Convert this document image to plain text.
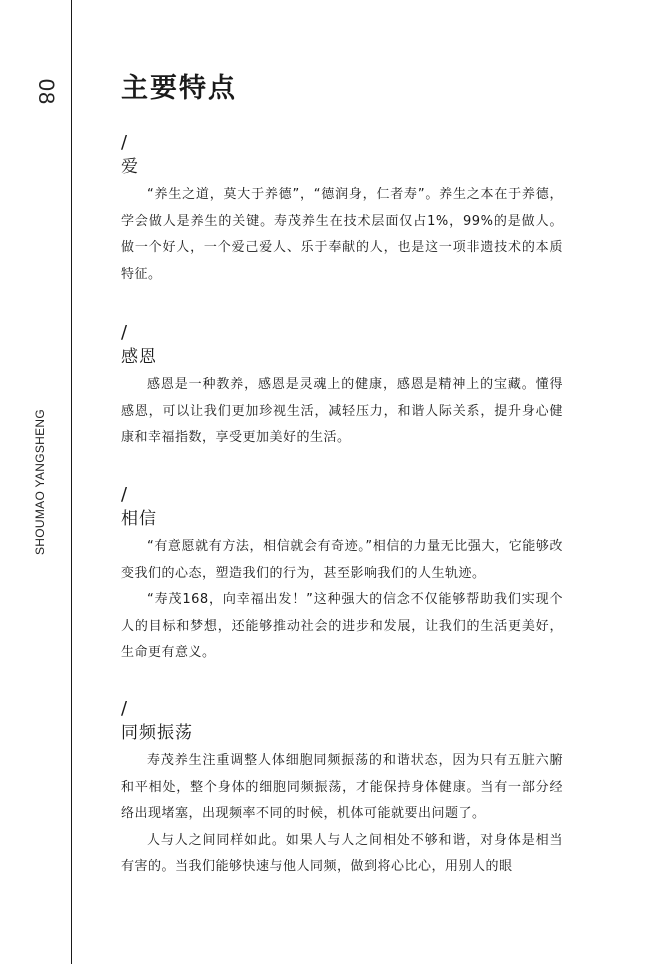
08
SHOUMAO YANGSHENG
主要特点
/
爱

“养生之道，莫大于养德”，“德润身，仁者寿”。养生之本在于养德，学会做人是养生的关键。寿茂养生在技术层面仅占1%，99%的是做人。做一个好人，一个爱己爱人、乐于奉献的人，也是这一项非遗技术的本质特征。

/
感恩

感恩是一种教养，感恩是灵魂上的健康，感恩是精神上的宝藏。懂得感恩，可以让我们更加珍视生活，减轻压力，和谐人际关系，提升身心健康和幸福指数，享受更加美好的生活。

/
相信

“有意愿就有方法，相信就会有奇迹。”相信的力量无比强大，它能够改变我们的心态，塑造我们的行为，甚至影响我们的人生轨迹。

“寿茂168，向幸福出发！”这种强大的信念不仅能够帮助我们实现个人的目标和梦想，还能够推动社会的进步和发展，让我们的生活更美好，生命更有意义。

/
同频振荡

寿茂养生注重调整人体细胞同频振荡的和谐状态，因为只有五脏六腑和平相处，整个身体的细胞同频振荡，才能保持身体健康。当有一部分经络出现堵塞，出现频率不同的时候，机体可能就要出问题了。

人与人之间同样如此。如果人与人之间相处不够和谐，对身体是相当有害的。当我们能够快速与他人同频，做到将心比心，用别人的眼
